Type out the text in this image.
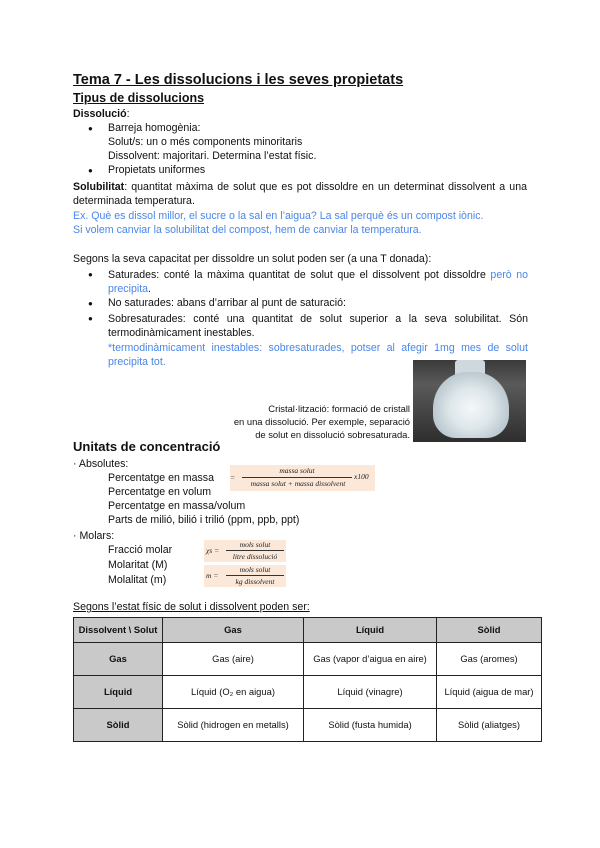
Tema 7 - Les dissolucions i les seves propietats
Tipus de dissolucions
Dissolució:
● Barreja homogènia:
Solut/s: un o més components minoritaris
Dissolvent: majoritari. Determina l’estat físic.
● Propietats uniformes
Solubilitat: quantitat màxima de solut que es pot dissoldre en un determinat dissolvent a una determinada temperatura.
Ex. Què es dissol millor, el sucre o la sal en l’aigua? La sal perquè és un compost iònic.
Si volem canviar la solubilitat del compost, hem de canviar la temperatura.
Segons la seva capacitat per dissoldre un solut poden ser (a una T donada):
● Saturades: conté la màxima quantitat de solut que el dissolvent pot dissoldre però no precipita.
● No saturades: abans d’arribar al punt de saturació:
● Sobresaturades: conté una quantitat de solut superior a la seva solubilitat. Són termodinàmicament inestables.
*termodinàmicament inestables: sobresaturades, potser al afegir 1mg mes de solut precipita tot.
Cristal·lització: formació de cristall
en una dissolució. Per exemple, separació
de solut en dissolució sobresaturada.
Unitats de concentració
· Absolutes:
Percentatge en massa
Percentatge en volum
Percentatge en massa/volum
Parts de milió, bilió i trilió (ppm, ppb, ppt)
· Molars:
Fracció molar
Molaritat (M)
Molalitat (m)
=
massa solut
massa solut + massa dissolvent
x100
χs =
mols solut
litre dissolució
m =
mols solut
kg dissolvent
Segons l’estat físic de solut i dissolvent poden ser:
Dissolvent \ Solut	Gas	Líquid	Sòlid
Gas	Gas (aire)	Gas (vapor d’aigua en aire)	Gas (aromes)
Líquid	Líquid (O₂ en aigua)	Líquid (vinagre)	Líquid (aigua de mar)
Sòlid	Sòlid (hidrogen en metalls)	Sòlid (fusta humida)	Sòlid (aliatges)
